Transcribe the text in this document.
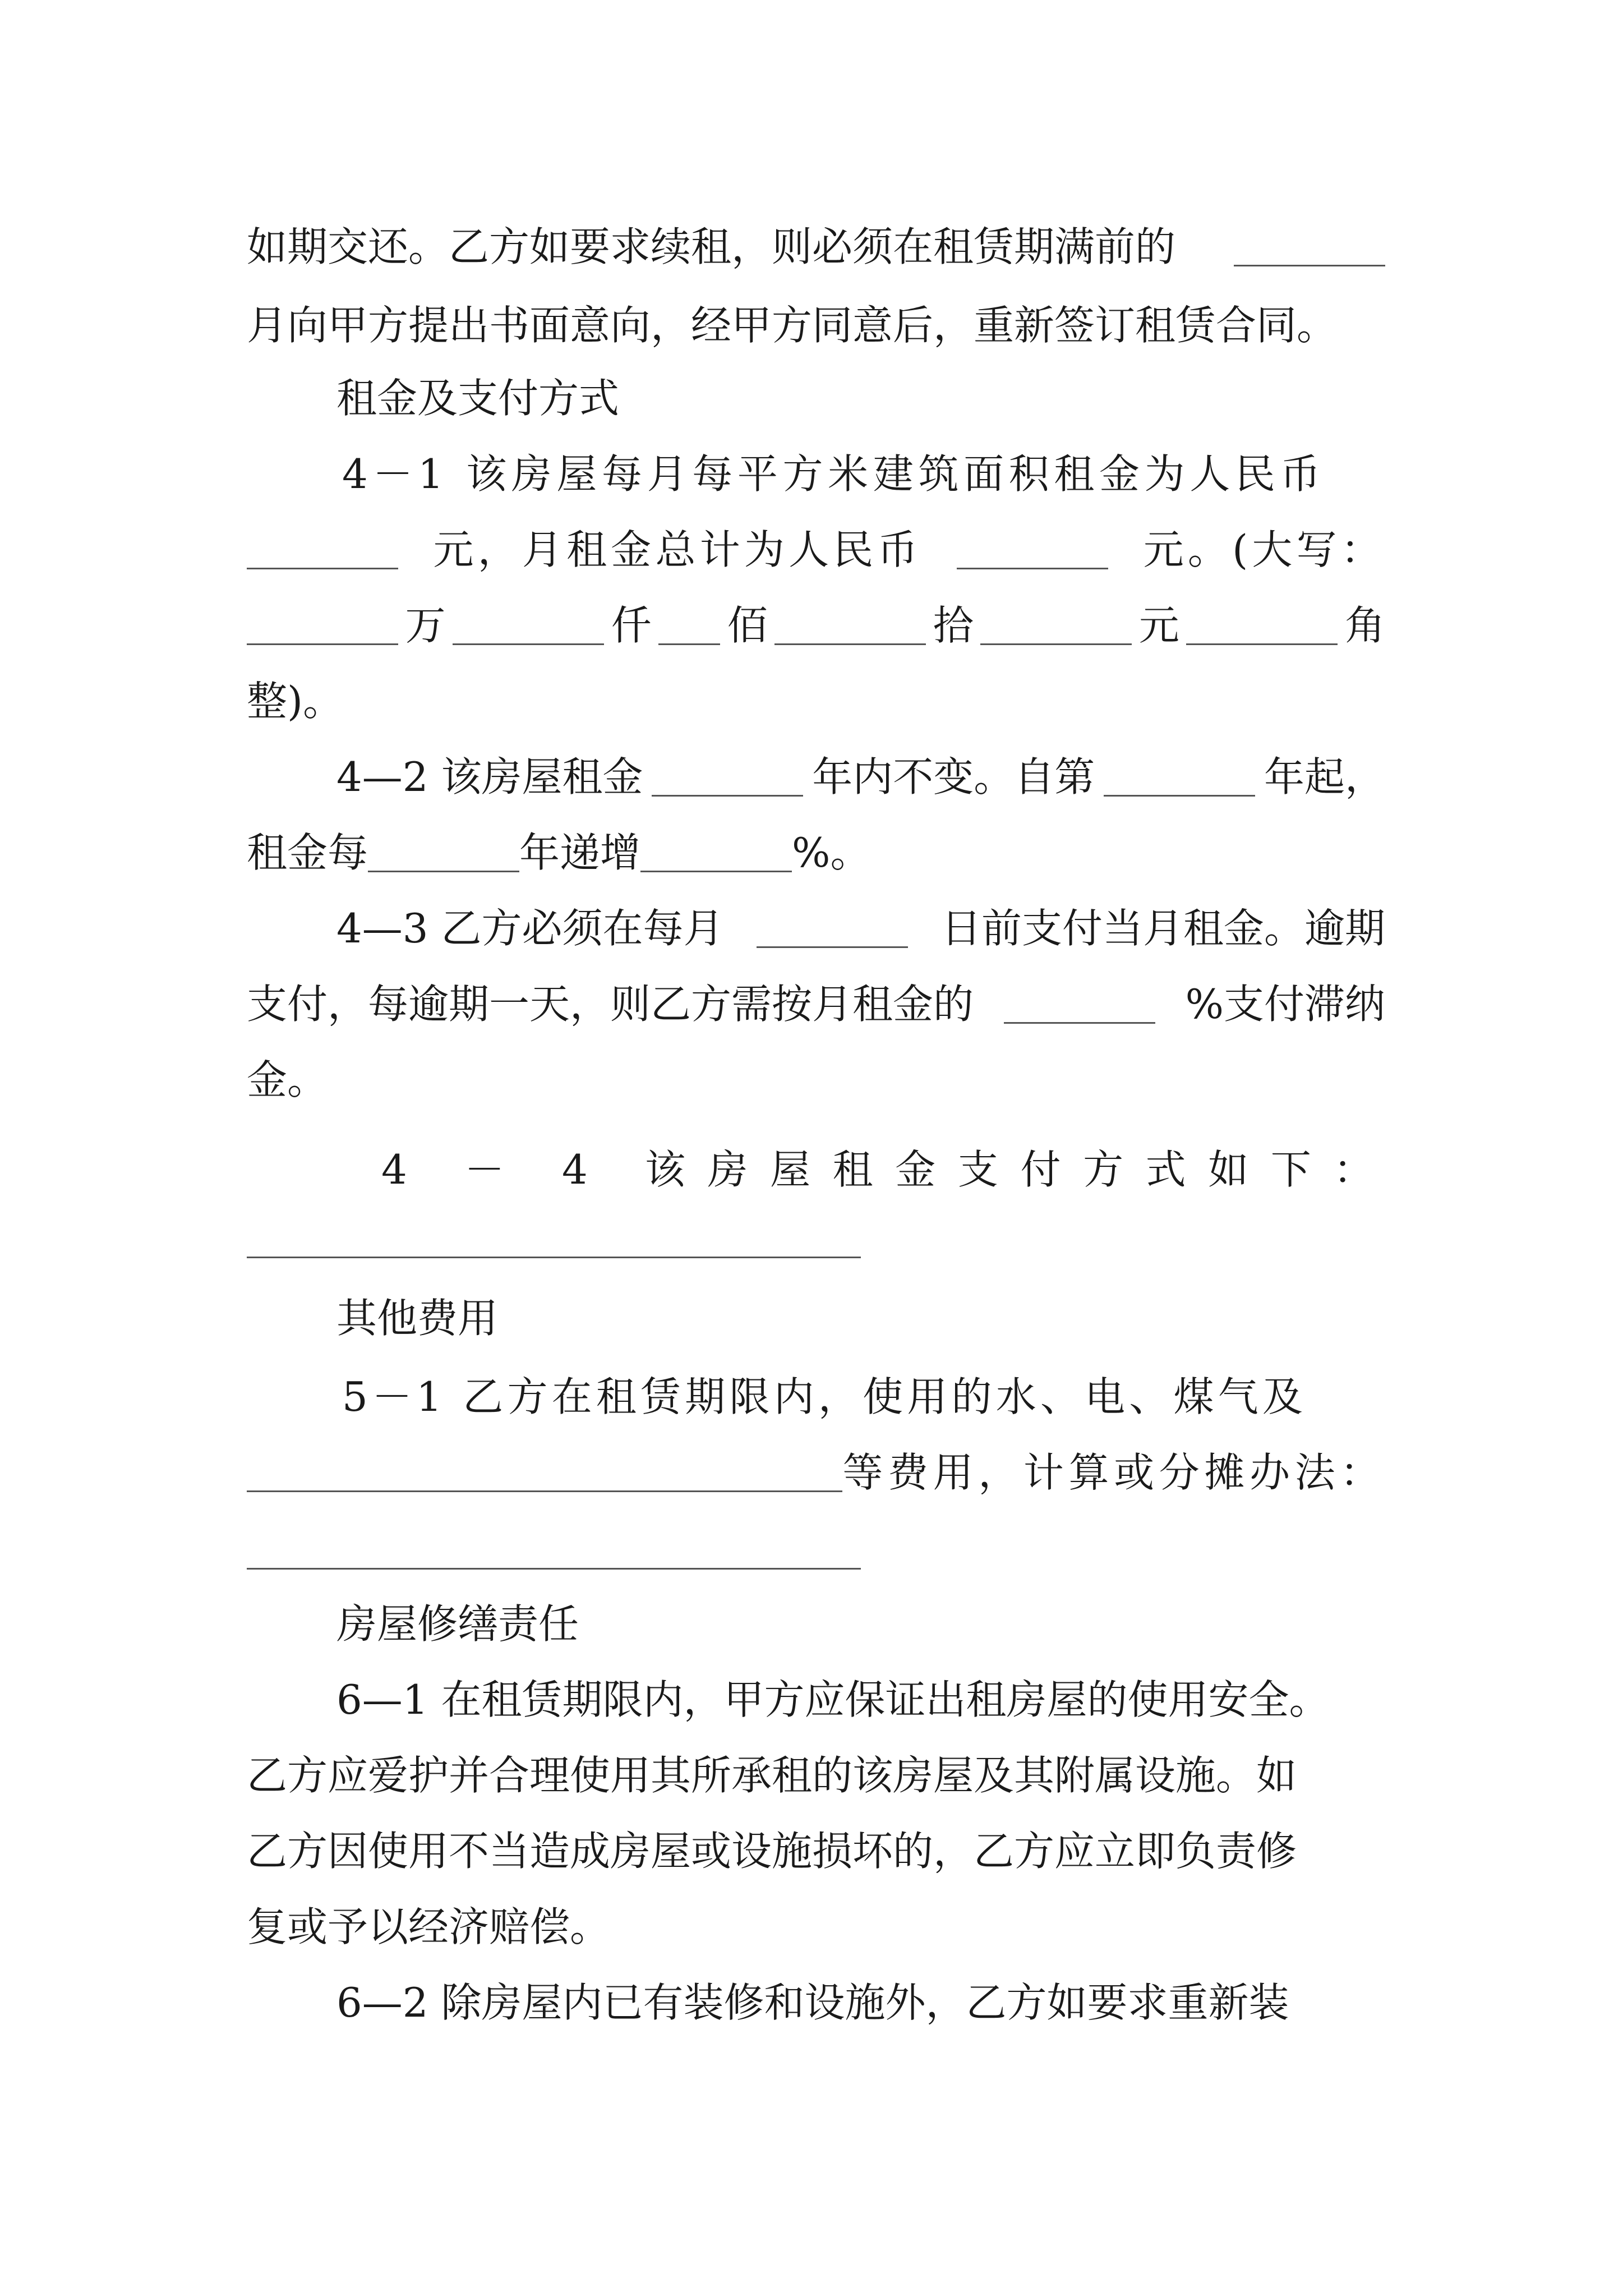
如期交还。乙方如要求续租，则必须在租赁期满前的
月向甲方提出书面意向，经甲方同意后，重新签订租赁合同。
租金及支付方式
4－1 该房屋每月每平方米建筑面积租金为人民币
元，月租金总计为人民币	元。(大写：
万	仟 佰	拾	元	角
整)。
4—2 该房屋租金	年内不变。自第	年起，
租金每	年递增	%。
4—3 乙方必须在每月	日前支付当月租金。逾期
支付，每逾期一天，则乙方需按月租金的	%支付滞纳
金。
4 － 4 该房屋租金支付方式如下：
其他费用
5－1 乙方在租赁期限内，使用的水、电、煤气及
等费用，计算或分摊办法：
房屋修缮责任
6—1 在租赁期限内，甲方应保证出租房屋的使用安全。
乙方应爱护并合理使用其所承租的该房屋及其附属设施。如
乙方因使用不当造成房屋或设施损坏的，乙方应立即负责修
复或予以经济赔偿。
6—2 除房屋内已有装修和设施外，乙方如要求重新装
